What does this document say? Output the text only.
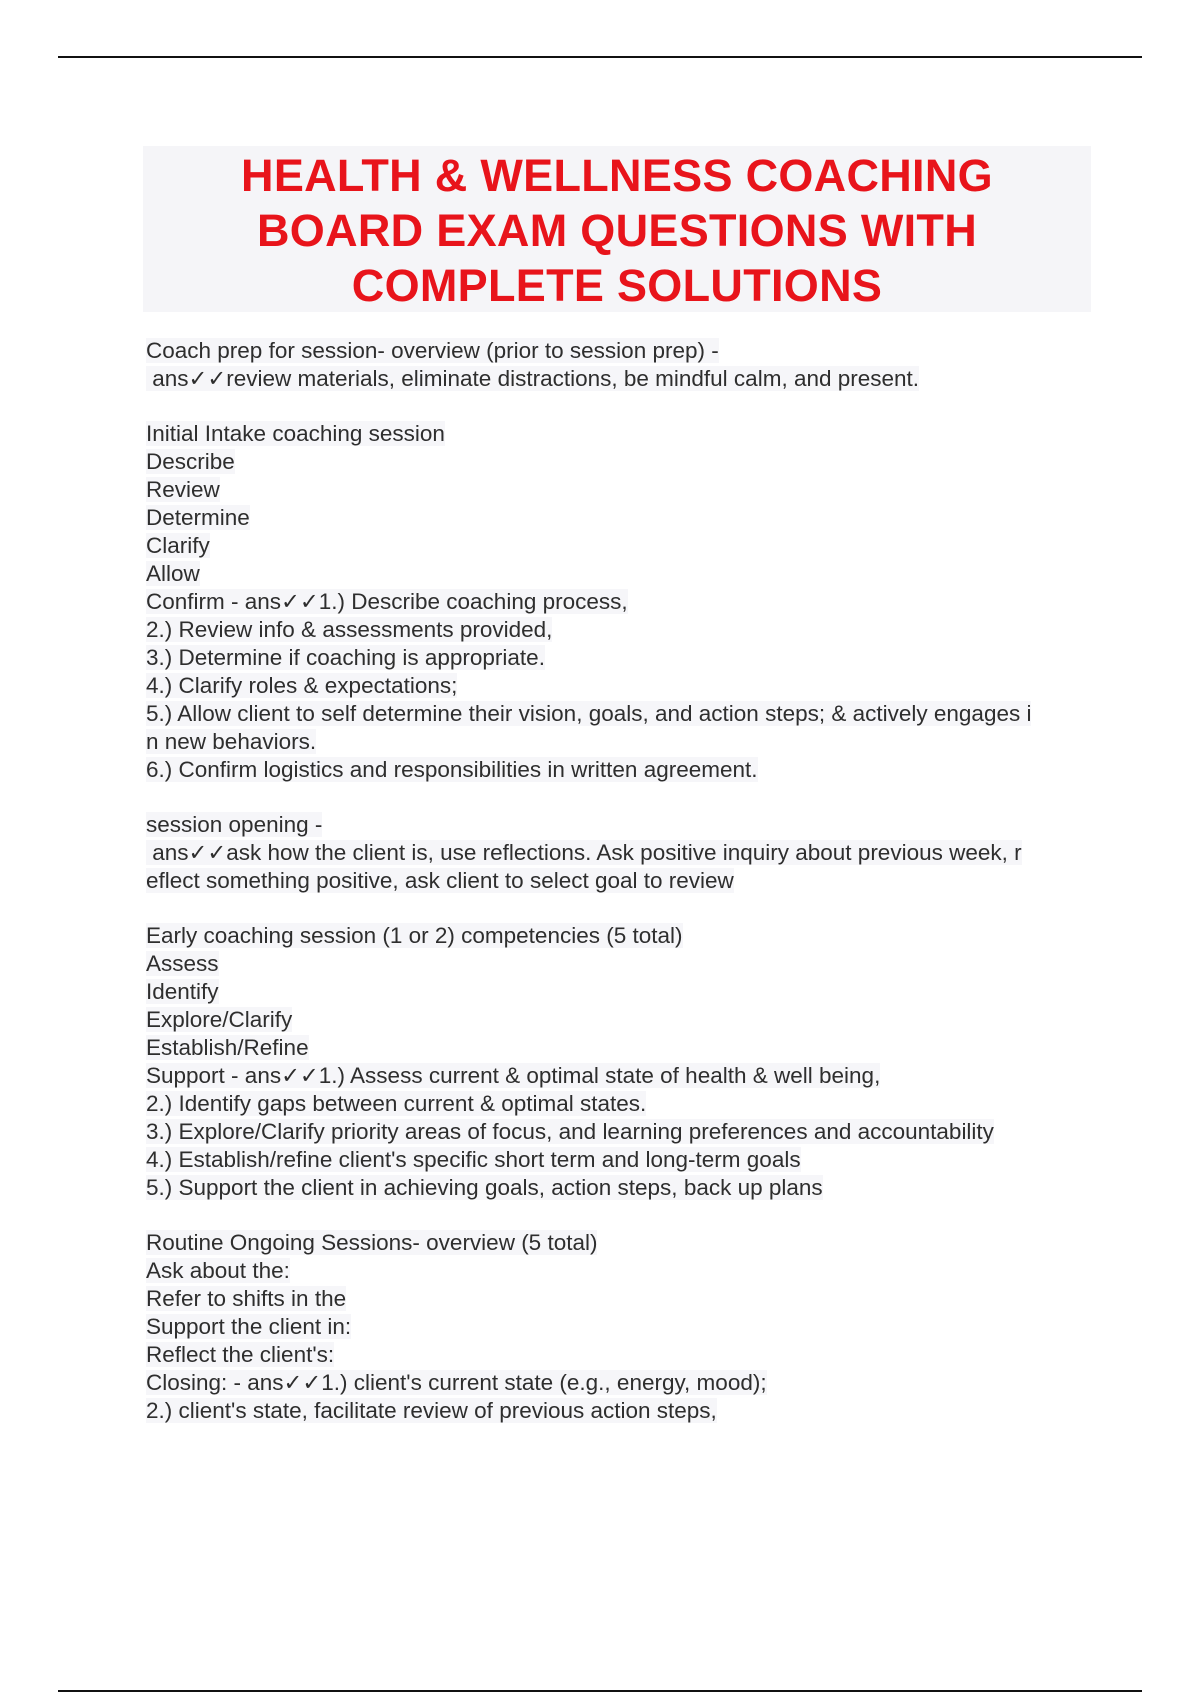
HEALTH & WELLNESS COACHING
BOARD EXAM QUESTIONS WITH
COMPLETE SOLUTIONS
Coach prep for session- overview (prior to session prep) -
ans✓✓review materials, eliminate distractions, be mindful calm, and present.
Initial Intake coaching session
Describe
Review
Determine
Clarify
Allow
Confirm - ans✓✓1.) Describe coaching process,
2.) Review info & assessments provided,
3.) Determine if coaching is appropriate.
4.) Clarify roles & expectations;
5.) Allow client to self determine their vision, goals, and action steps; & actively engages i
n new behaviors.
6.) Confirm logistics and responsibilities in written agreement.
session opening -
ans✓✓ask how the client is, use reflections. Ask positive inquiry about previous week, r
eflect something positive, ask client to select goal to review
Early coaching session (1 or 2) competencies (5 total)
Assess
Identify
Explore/Clarify
Establish/Refine
Support - ans✓✓1.) Assess current & optimal state of health & well being,
2.) Identify gaps between current & optimal states.
3.) Explore/Clarify priority areas of focus, and learning preferences and accountability
4.) Establish/refine client's specific short term and long-term goals
5.) Support the client in achieving goals, action steps, back up plans
Routine Ongoing Sessions- overview (5 total)
Ask about the:
Refer to shifts in the
Support the client in:
Reflect the client's:
Closing: - ans✓✓1.) client's current state (e.g., energy, mood);
2.) client's state, facilitate review of previous action steps,
